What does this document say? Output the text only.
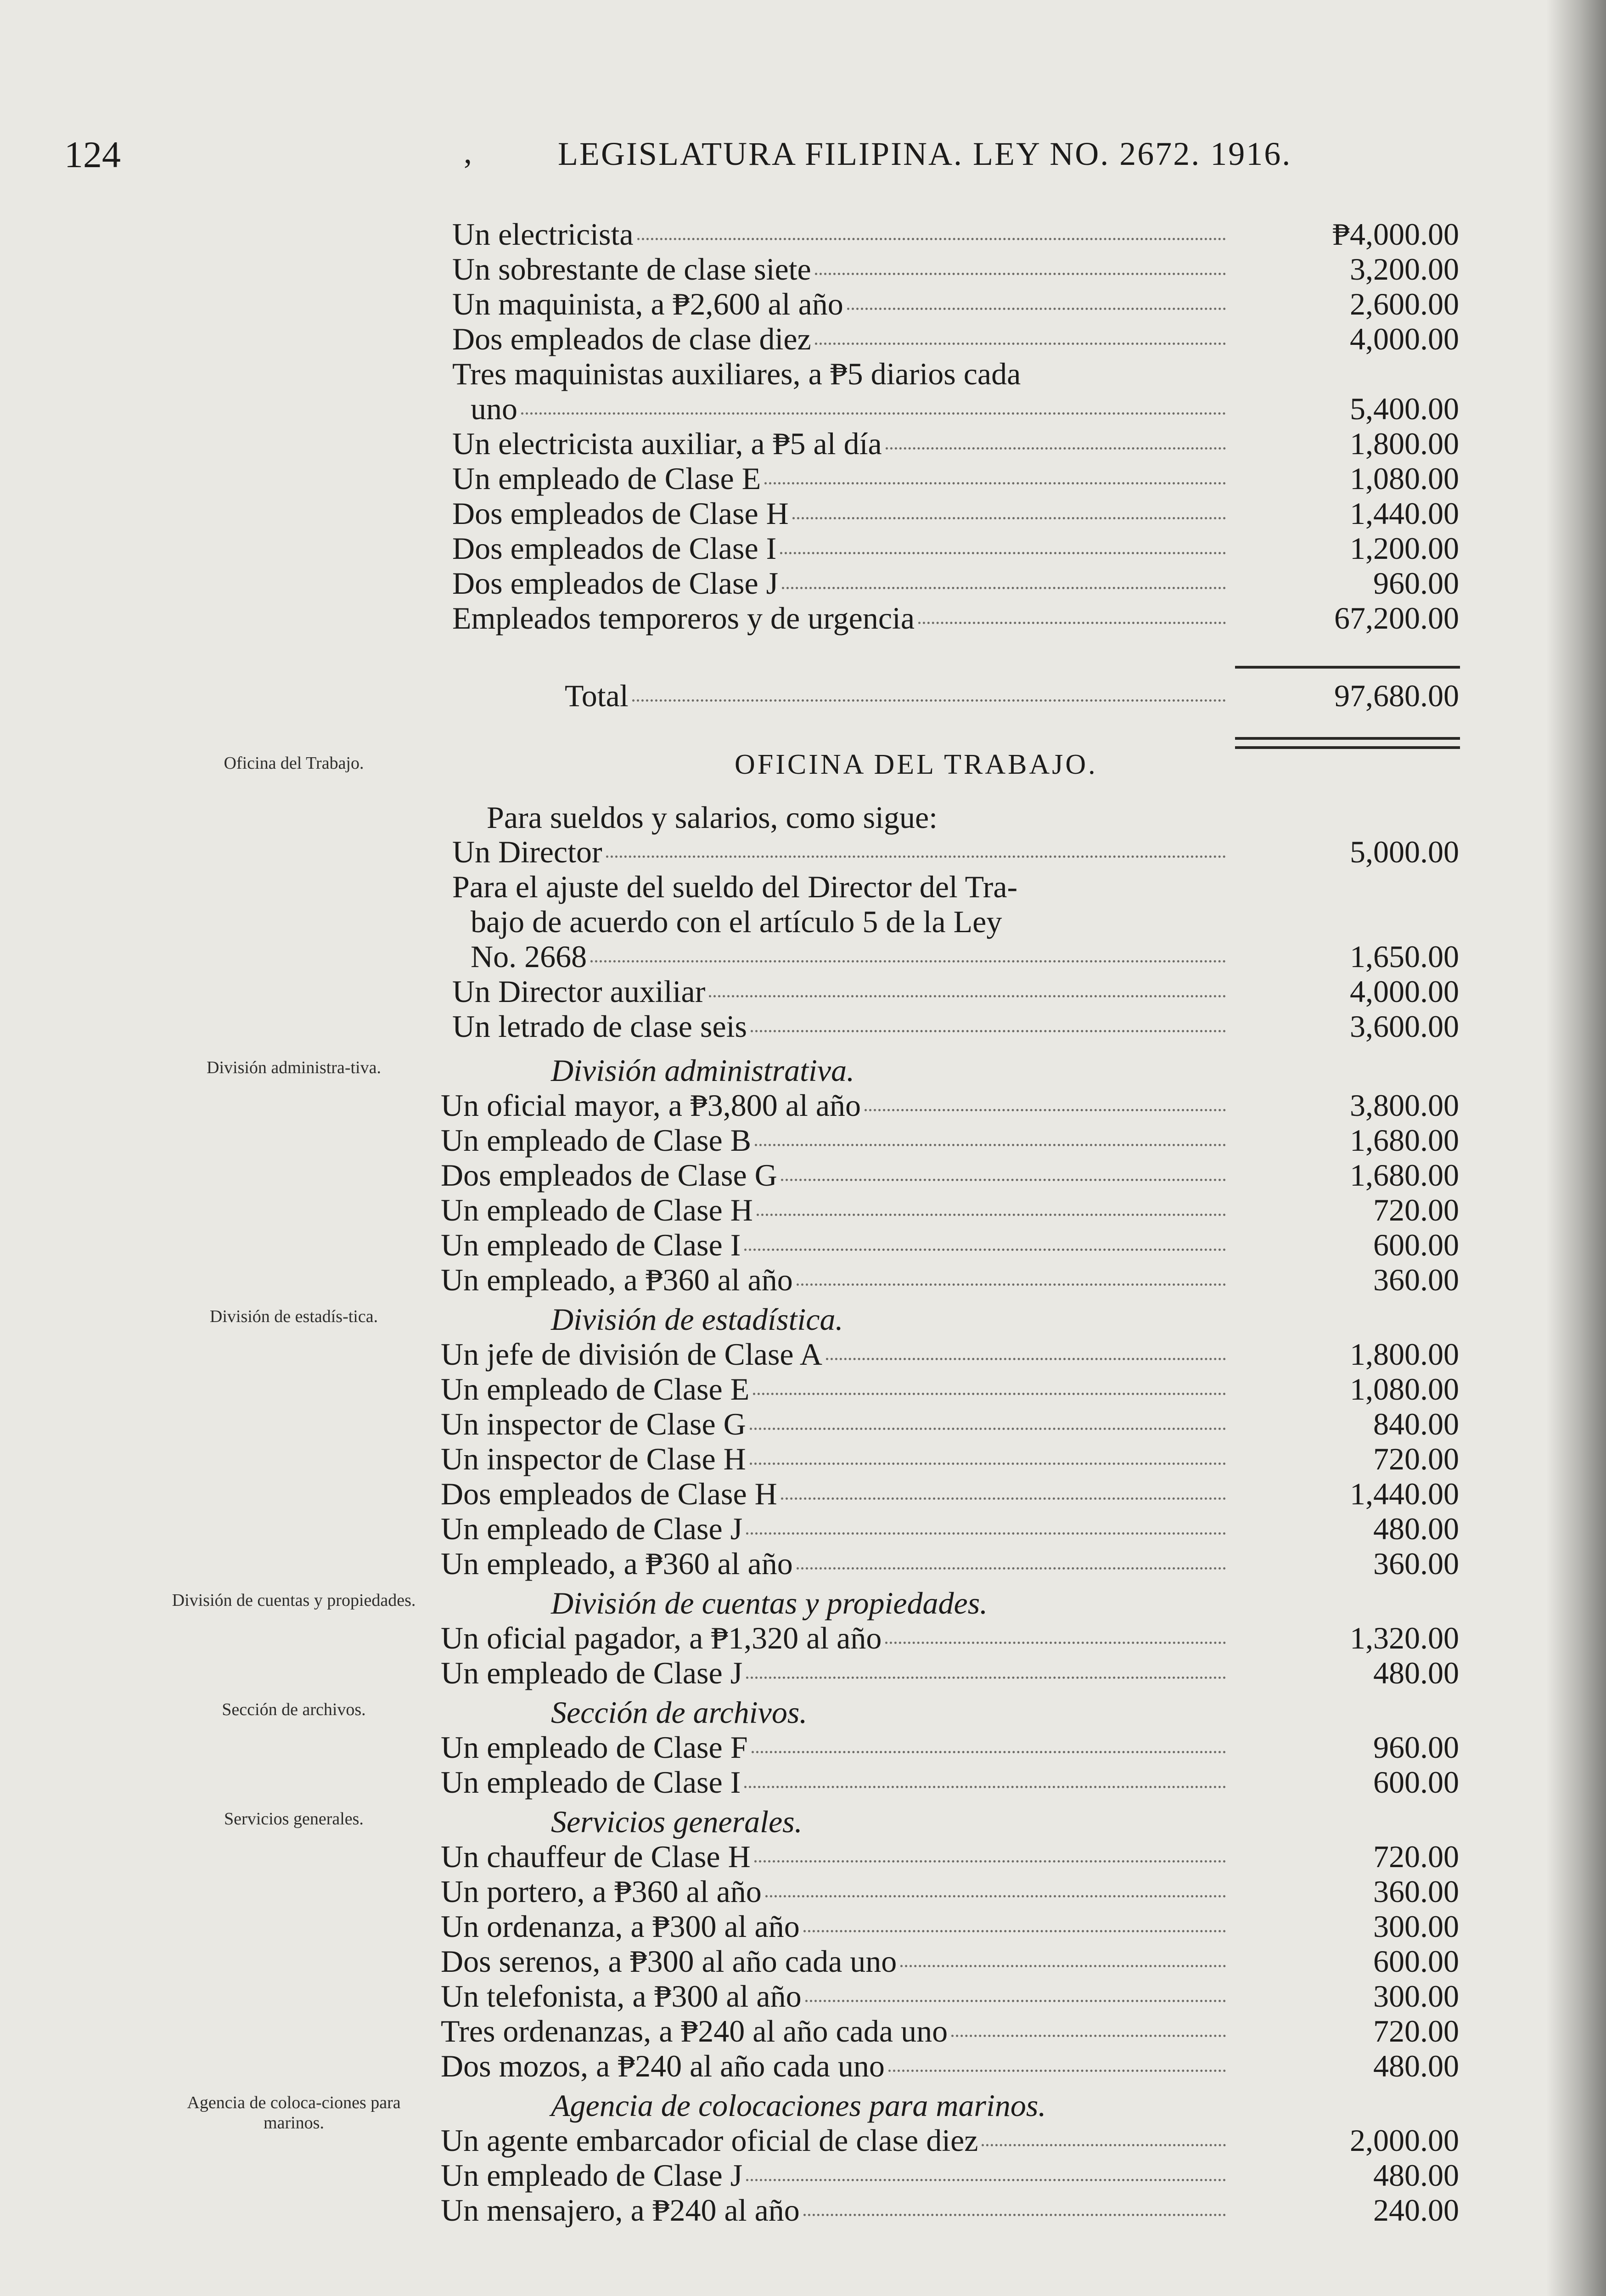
124	,	LEGISLATURA FILIPINA. LEY NO. 2672. 1916.
Un electricista	₱4,000.00
Un sobrestante de clase siete	3,200.00
Un maquinista, a ₱2,600 al año	2,600.00
Dos empleados de clase diez	4,000.00
Tres maquinistas auxiliares, a ₱5 diarios cada
uno	5,400.00
Un electricista auxiliar, a ₱5 al día	1,800.00
Un empleado de Clase E	1,080.00
Dos empleados de Clase H	1,440.00
Dos empleados de Clase I	1,200.00
Dos empleados de Clase J	960.00
Empleados temporeros y de urgencia	67,200.00
Total	97,680.00
Oficina del Trabajo.	OFICINA DEL TRABAJO.
Para sueldos y salarios, como sigue:
Un Director	5,000.00
Para el ajuste del sueldo del Director del Tra-
bajo de acuerdo con el artículo 5 de la Ley
No. 2668	1,650.00
Un Director auxiliar	4,000.00
Un letrado de clase seis	3,600.00
División administra-tiva.	División administrativa.
Un oficial mayor, a ₱3,800 al año	3,800.00
Un empleado de Clase B	1,680.00
Dos empleados de Clase G	1,680.00
Un empleado de Clase H	720.00
Un empleado de Clase I	600.00
Un empleado, a ₱360 al año	360.00
División de estadís-tica.	División de estadística.
Un jefe de división de Clase A	1,800.00
Un empleado de Clase E	1,080.00
Un inspector de Clase G	840.00
Un inspector de Clase H	720.00
Dos empleados de Clase H	1,440.00
Un empleado de Clase J	480.00
Un empleado, a ₱360 al año	360.00
División de cuentas y propiedades.	División de cuentas y propiedades.
Un oficial pagador, a ₱1,320 al año	1,320.00
Un empleado de Clase J	480.00
Sección de archivos.	Sección de archivos.
Un empleado de Clase F	960.00
Un empleado de Clase I	600.00
Servicios generales.	Servicios generales.
Un chauffeur de Clase H	720.00
Un portero, a ₱360 al año	360.00
Un ordenanza, a ₱300 al año	300.00
Dos serenos, a ₱300 al año cada uno	600.00
Un telefonista, a ₱300 al año	300.00
Tres ordenanzas, a ₱240 al año cada uno	720.00
Dos mozos, a ₱240 al año cada uno	480.00
Agencia de coloca-ciones para marinos.	Agencia de colocaciones para marinos.
Un agente embarcador oficial de clase diez	2,000.00
Un empleado de Clase J	480.00
Un mensajero, a ₱240 al año	240.00
